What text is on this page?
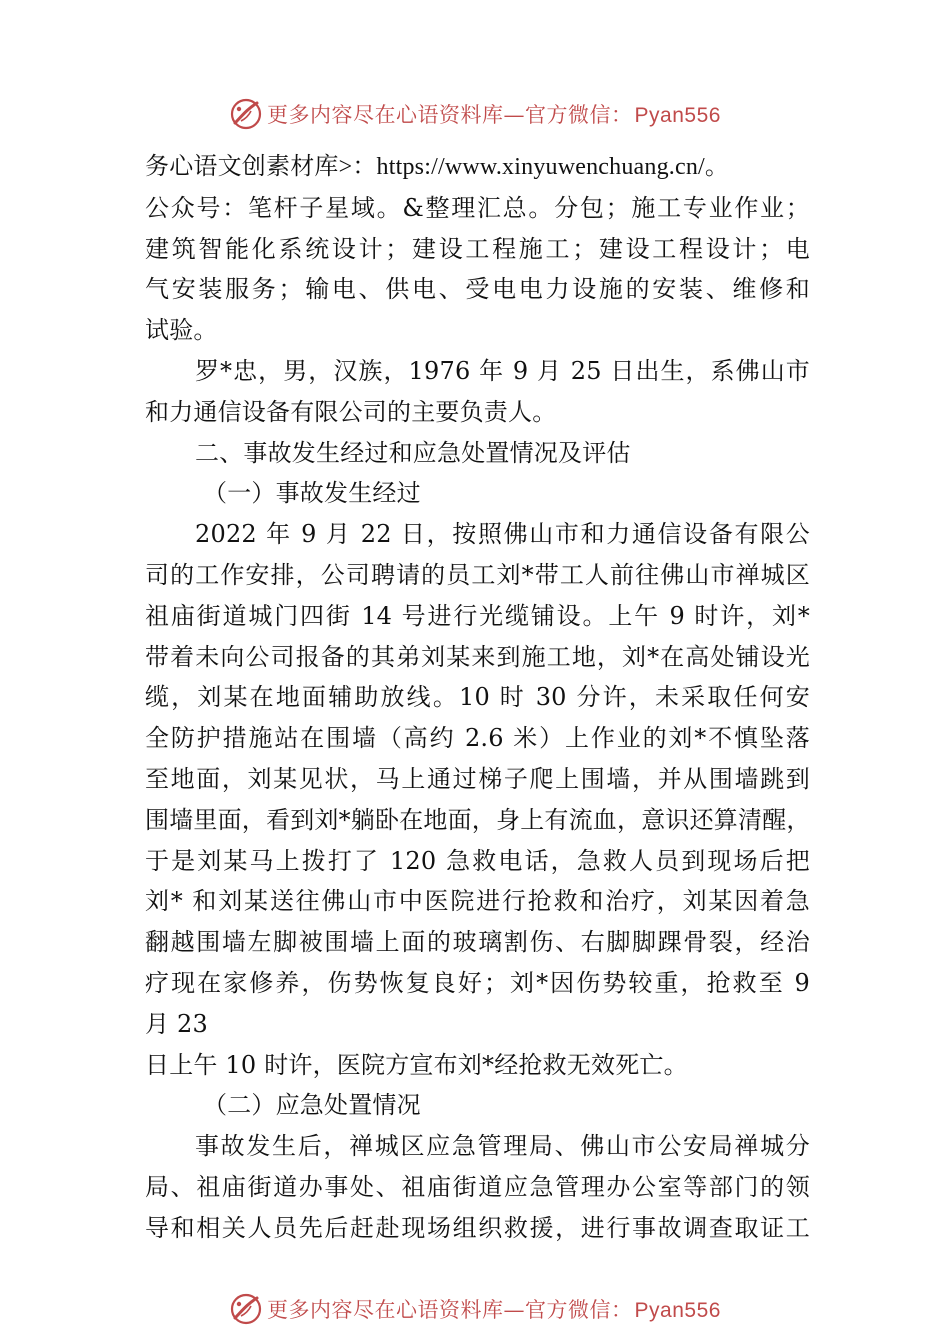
更多内容尽在心语资料库—官方微信：Pyan556
务心语文创素材库>：https://www.xinyuwenchuang.cn/。
公众号：笔杆子星域。&整理汇总。分包；施工专业作业；
建筑智能化系统设计；建设工程施工；建设工程设计；电
气安装服务；输电、供电、受电电力设施的安装、维修和
试验。
罗*忠，男，汉族，1976 年 9 月 25 日出生，系佛山市
和力通信设备有限公司的主要负责人。
二、事故发生经过和应急处置情况及评估
（一）事故发生经过
2022 年 9 月 22 日，按照佛山市和力通信设备有限公
司的工作安排，公司聘请的员工刘*带工人前往佛山市禅城区
祖庙街道城门四街 14 号进行光缆铺设。上午 9 时许，刘*
带着未向公司报备的其弟刘某来到施工地，刘*在高处铺设光
缆，刘某在地面辅助放线。10 时 30 分许，未采取任何安
全防护措施站在围墙（高约 2.6 米）上作业的刘*不慎坠落
至地面，刘某见状，马上通过梯子爬上围墙，并从围墙跳到
围墙里面，看到刘*躺卧在地面，身上有流血，意识还算清醒，
于是刘某马上拨打了 120 急救电话，急救人员到现场后把
刘* 和刘某送往佛山市中医院进行抢救和治疗，刘某因着急
翻越围墙左脚被围墙上面的玻璃割伤、右脚脚踝骨裂，经治
疗现在家修养，伤势恢复良好；刘*因伤势较重，抢救至 9
月 23
日上午 10 时许，医院方宣布刘*经抢救无效死亡。
（二）应急处置情况
事故发生后，禅城区应急管理局、佛山市公安局禅城分
局、祖庙街道办事处、祖庙街道应急管理办公室等部门的领
导和相关人员先后赶赴现场组织救援，进行事故调查取证工
更多内容尽在心语资料库—官方微信：Pyan556
